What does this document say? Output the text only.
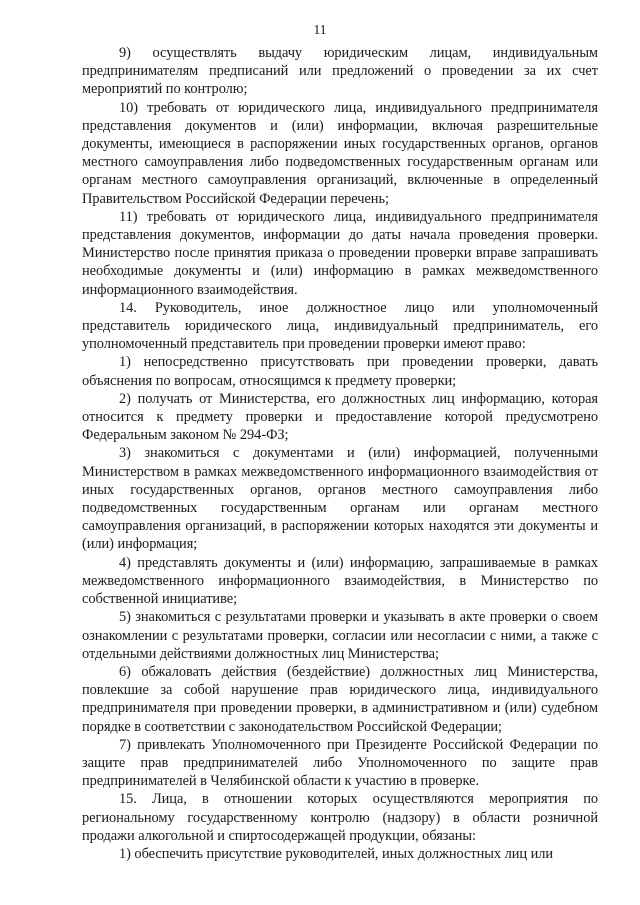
11

9) осуществлять выдачу юридическим лицам, индивидуальным предпринимателям предписаний или предложений о проведении за их счет мероприятий по контролю;

10) требовать от юридического лица, индивидуального предпринимателя представления документов и (или) информации, включая разрешительные документы, имеющиеся в распоряжении иных государственных органов, органов местного самоуправления либо подведомственных государственным органам или органам местного самоуправления организаций, включенные в определенный Правительством Российской Федерации перечень;

11) требовать от юридического лица, индивидуального предпринимателя представления документов, информации до даты начала проведения проверки. Министерство после принятия приказа о проведении проверки вправе запрашивать необходимые документы и (или) информацию в рамках межведомственного информационного взаимодействия.

14. Руководитель, иное должностное лицо или уполномоченный представитель юридического лица, индивидуальный предприниматель, его уполномоченный представитель при проведении проверки имеют право:

1) непосредственно присутствовать при проведении проверки, давать объяснения по вопросам, относящимся к предмету проверки;

2) получать от Министерства, его должностных лиц информацию, которая относится к предмету проверки и предоставление которой предусмотрено Федеральным законом № 294-ФЗ;

3) знакомиться с документами и (или) информацией, полученными Министерством в рамках межведомственного информационного взаимодействия от иных государственных органов, органов местного самоуправления либо подведомственных государственным органам или органам местного самоуправления организаций, в распоряжении которых находятся эти документы и (или) информация;

4) представлять документы и (или) информацию, запрашиваемые в рамках межведомственного информационного взаимодействия, в Министерство по собственной инициативе;

5) знакомиться с результатами проверки и указывать в акте проверки о своем ознакомлении с результатами проверки, согласии или несогласии с ними, а также с отдельными действиями должностных лиц Министерства;

6) обжаловать действия (бездействие) должностных лиц Министерства, повлекшие за собой нарушение прав юридического лица, индивидуального предпринимателя при проведении проверки, в административном и (или) судебном порядке в соответствии с законодательством Российской Федерации;

7) привлекать Уполномоченного при Президенте Российской Федерации по защите прав предпринимателей либо Уполномоченного по защите прав предпринимателей в Челябинской области к участию в проверке.

15. Лица, в отношении которых осуществляются мероприятия по региональному государственному контролю (надзору) в области розничной продажи алкогольной и спиртосодержащей продукции, обязаны:

1) обеспечить присутствие руководителей, иных должностных лиц или
